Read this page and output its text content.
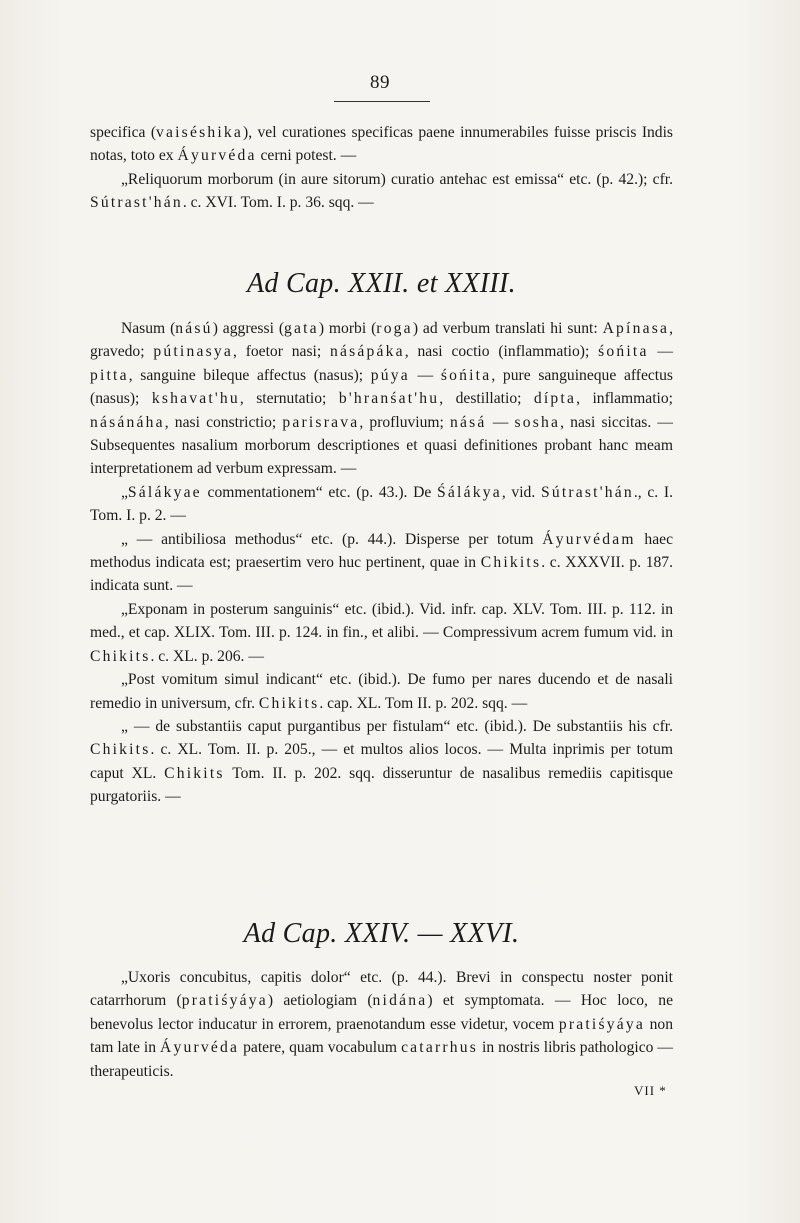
89

specifica (vaiséshika), vel curationes specificas paene innumerabiles fuisse priscis Indis notas, toto ex Áyurvéda cerni potest. —

„Reliquorum morborum (in aure sitorum) curatio antehac est emissa“ etc. (p. 42.); cfr. Sútrast'hán. c. XVI. Tom. I. p. 36. sqq. —

Ad Cap. XXII. et XXIII.

Nasum (nású) aggressi (gata) morbi (roga) ad verbum translati hi sunt: Apínasa, gravedo; pútinasya, foetor nasi; násápáka, nasi coctio (inflammatio); śońita — pitta, sanguine bileque affectus (nasus); púya — śońita, pure sanguineque affectus (nasus); kshavat'hu, sternutatio; b'hranśat'hu, destillatio; dípta, inflammatio; násánáha, nasi constrictio; parisrava, profluvium; násá — sosha, nasi siccitas. — Subsequentes nasalium morborum descriptiones et quasi definitiones probant hanc meam interpretationem ad verbum expressam. —

„Sálákyae commentationem“ etc. (p. 43.). De Śálákya, vid. Sútrast'hán., c. I. Tom. I. p. 2. —

„ — antibiliosa methodus“ etc. (p. 44.). Disperse per totum Áyurvédam haec methodus indicata est; praesertim vero huc pertinent, quae in Chikits. c. XXXVII. p. 187. indicata sunt. —

„Exponam in posterum sanguinis“ etc. (ibid.). Vid. infr. cap. XLV. Tom. III. p. 112. in med., et cap. XLIX. Tom. III. p. 124. in fin., et alibi. — Compressivum acrem fumum vid. in Chikits. c. XL. p. 206. —

„Post vomitum simul indicant“ etc. (ibid.). De fumo per nares ducendo et de nasali remedio in universum, cfr. Chikits. cap. XL. Tom II. p. 202. sqq. —

„ — de substantiis caput purgantibus per fistulam“ etc. (ibid.). De substantiis his cfr. Chikits. c. XL. Tom. II. p. 205., — et multos alios locos. — Multa inprimis per totum caput XL. Chikits Tom. II. p. 202. sqq. disseruntur de nasalibus remediis capitisque purgatoriis. —

Ad Cap. XXIV. — XXVI.

„Uxoris concubitus, capitis dolor“ etc. (p. 44.). Brevi in conspectu noster ponit catarrhorum (pratiśyáya) aetiologiam (nidána) et symptomata. — Hoc loco, ne benevolus lector inducatur in errorem, praenotandum esse videtur, vocem pratiśyáya non tam late in Áyurvéda patere, quam vocabulum catarrhus in nostris libris pathologico — therapeuticis.

VII *
